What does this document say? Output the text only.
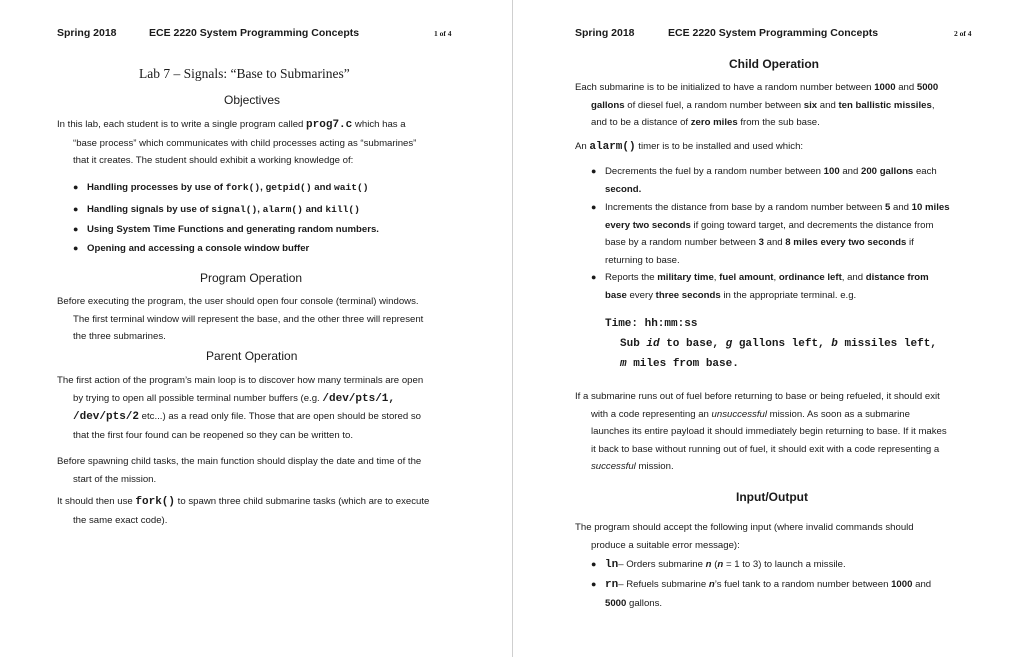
Spring 2018	ECE 2220 System Programming Concepts	1 of 4
Lab 7 – Signals: “Base to Submarines”
Objectives
In this lab, each student is to write a single program called prog7.c which has a
“base process” which communicates with child processes acting as “submarines”
that it creates. The student should exhibit a working knowledge of:
● Handling processes by use of fork(), getpid() and wait()
● Handling signals by use of signal(), alarm() and kill()
● Using System Time Functions and generating random numbers.
● Opening and accessing a console window buffer
Program Operation
Before executing the program, the user should open four console (terminal) windows.
The first terminal window will represent the base, and the other three will represent
the three submarines.
Parent Operation
The first action of the program’s main loop is to discover how many terminals are open
by trying to open all possible terminal number buffers (e.g. /dev/pts/1,
/dev/pts/2 etc...) as a read only file. Those that are open should be stored so
that the first four found can be reopened so they can be written to.
Before spawning child tasks, the main function should display the date and time of the
start of the mission.
It should then use fork() to spawn three child submarine tasks (which are to execute
the same exact code).
Spring 2018	ECE 2220 System Programming Concepts	2 of 4
Child Operation
Each submarine is to be initialized to have a random number between 1000 and 5000
gallons of diesel fuel, a random number between six and ten ballistic missiles,
and to be a distance of zero miles from the sub base.
An alarm() timer is to be installed and used which:
● Decrements the fuel by a random number between 100 and 200 gallons each
second.
● Increments the distance from base by a random number between 5 and 10 miles
every two seconds if going toward target, and decrements the distance from
base by a random number between 3 and 8 miles every two seconds if
returning to base.
● Reports the military time, fuel amount, ordinance left, and distance from
base every three seconds in the appropriate terminal. e.g.
Time: hh:mm:ss
Sub id to base, g gallons left, b missiles left,
m miles from base.
If a submarine runs out of fuel before returning to base or being refueled, it should exit
with a code representing an unsuccessful mission. As soon as a submarine
launches its entire payload it should immediately begin returning to base. If it makes
it back to base without running out of fuel, it should exit with a code representing a
successful mission.
Input/Output
The program should accept the following input (where invalid commands should
produce a suitable error message):
● ln– Orders submarine n (n = 1 to 3) to launch a missile.
● rn– Refuels submarine n’s fuel tank to a random number between 1000 and
5000 gallons.
